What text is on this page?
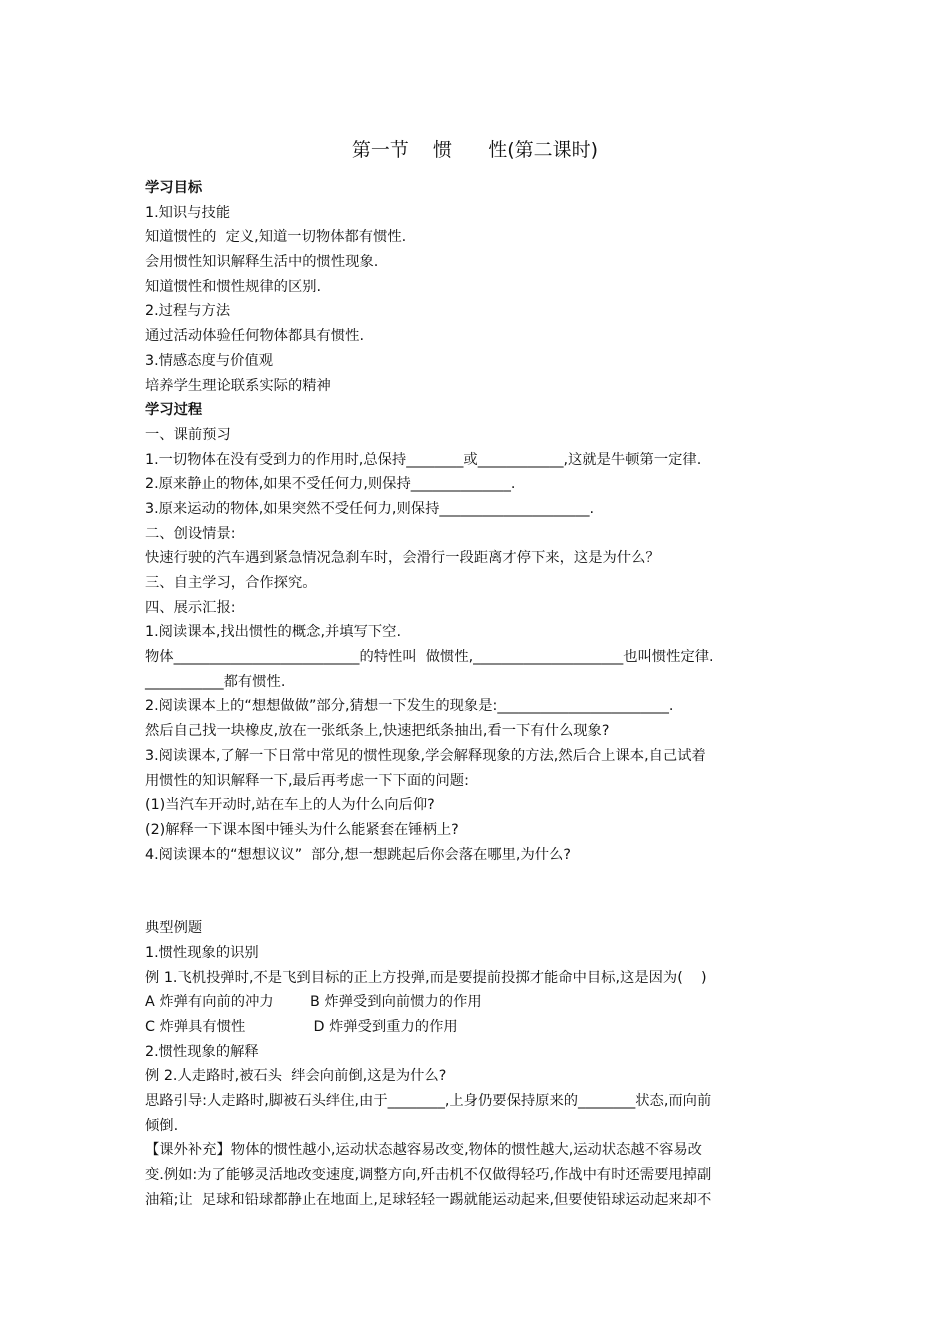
第一节    惯      性(第二课时)
学习目标
1.知识与技能
知道惯性的  定义,知道一切物体都有惯性.
会用惯性知识解释生活中的惯性现象.
知道惯性和惯性规律的区别.
2.过程与方法
通过活动体验任何物体都具有惯性.
3.情感态度与价值观
培养学生理论联系实际的精神
学习过程
一、课前预习
1.一切物体在没有受到力的作用时,总保持________或____________,这就是牛顿第一定律.
2.原来静止的物体,如果不受任何力,则保持______________.
3.原来运动的物体,如果突然不受任何力,则保持_____________________.
二、创设情景:
快速行驶的汽车遇到紧急情况急刹车时，会滑行一段距离才停下来，这是为什么？
三、自主学习，合作探究。
四、展示汇报:
1.阅读课本,找出惯性的概念,并填写下空.
物体__________________________的特性叫  做惯性,_____________________也叫惯性定律.
___________都有惯性.
2.阅读课本上的“想想做做”部分,猜想一下发生的现象是:________________________.
然后自己找一块橡皮,放在一张纸条上,快速把纸条抽出,看一下有什么现象?
3.阅读课本,了解一下日常中常见的惯性现象,学会解释现象的方法,然后合上课本,自己试着
用惯性的知识解释一下,最后再考虑一下下面的问题:
(1)当汽车开动时,站在车上的人为什么向后仰?
(2)解释一下课本图中锤头为什么能紧套在锤柄上?
4.阅读课本的“想想议议”  部分,想一想跳起后你会落在哪里,为什么?
典型例题
1.惯性现象的识别
例 1.飞机投弹时,不是飞到目标的正上方投弹,而是要提前投掷才能命中目标,这是因为(    )
A 炸弹有向前的冲力        B 炸弹受到向前惯力的作用
C 炸弹具有惯性               D 炸弹受到重力的作用
2.惯性现象的解释
例 2.人走路时,被石头  绊会向前倒,这是为什么?
思路引导:人走路时,脚被石头绊住,由于________,上身仍要保持原来的________状态,而向前
倾倒.
【课外补充】物体的惯性越小,运动状态越容易改变,物体的惯性越大,运动状态越不容易改
变.例如:为了能够灵活地改变速度,调整方向,歼击机不仅做得轻巧,作战中有时还需要甩掉副
油箱;让  足球和铅球都静止在地面上,足球轻轻一踢就能运动起来,但要使铅球运动起来却不
